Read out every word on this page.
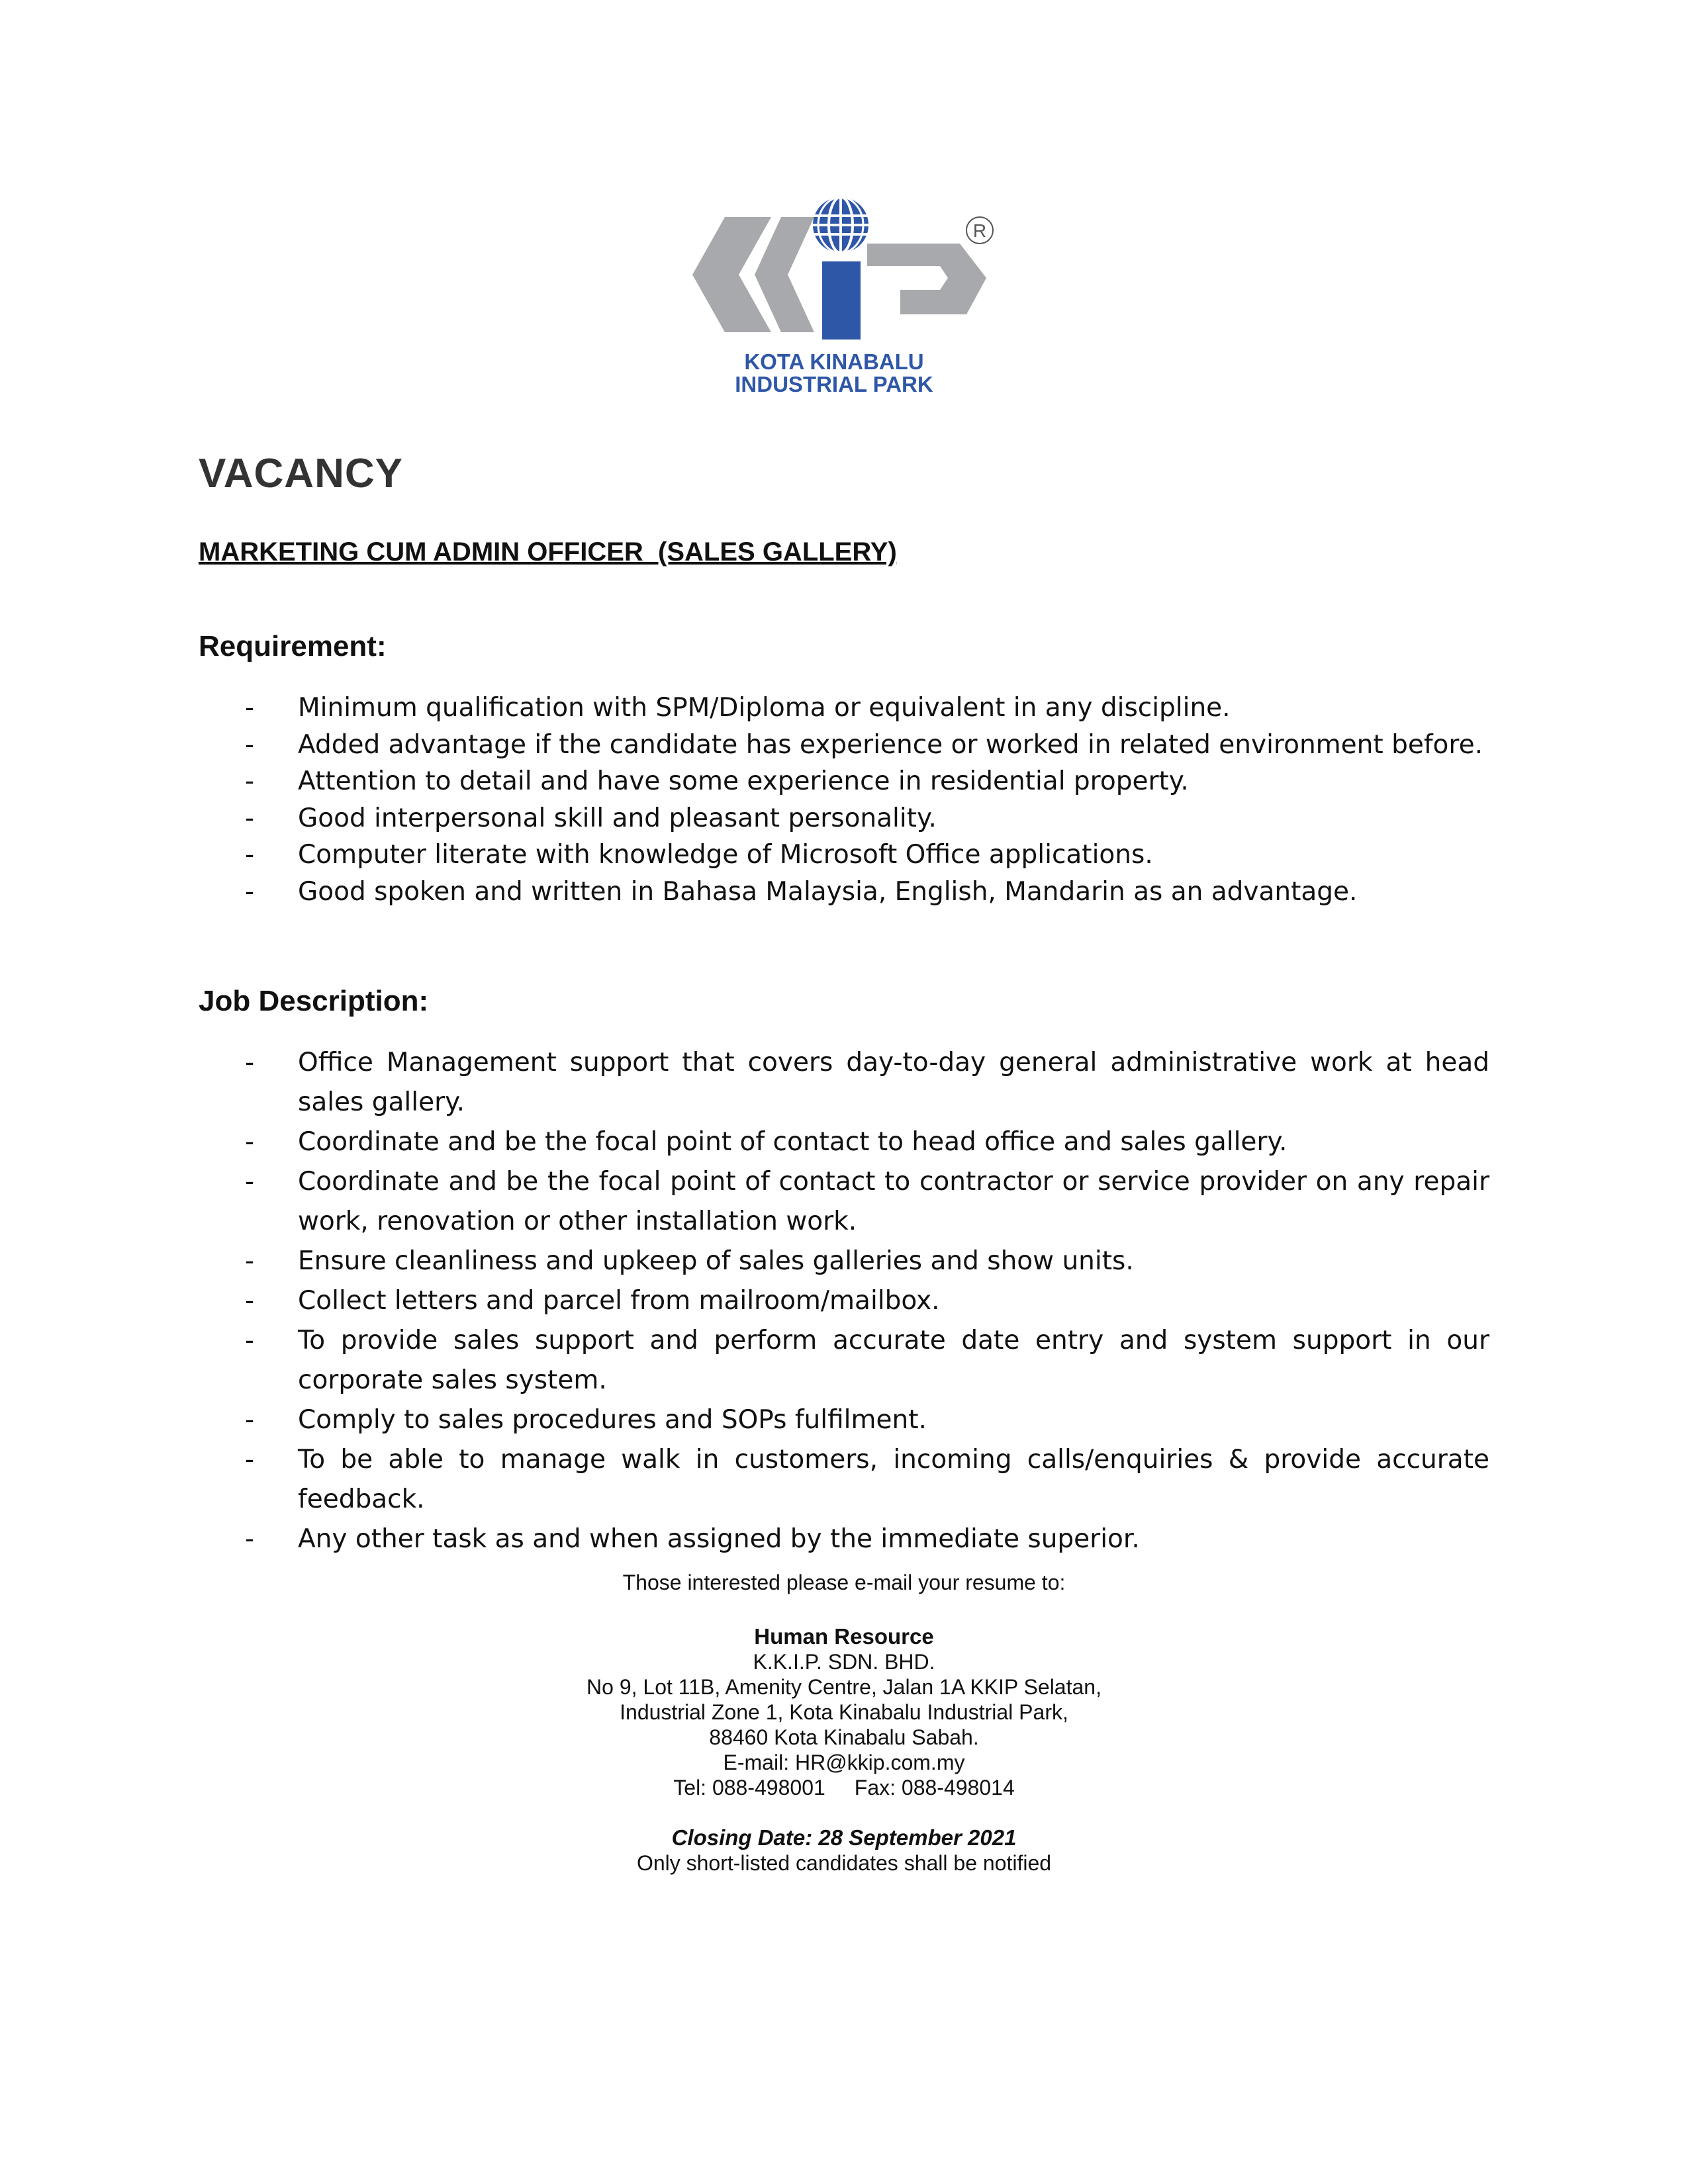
R
KOTA KINABALU
INDUSTRIAL PARK
VACANCY
MARKETING CUM ADMIN OFFICER  (SALES GALLERY)
Requirement:
- Minimum qualification with SPM/Diploma or equivalent in any discipline.
- Added advantage if the candidate has experience or worked in related environment before.
- Attention to detail and have some experience in residential property.
- Good interpersonal skill and pleasant personality.
- Computer literate with knowledge of Microsoft Office applications.
- Good spoken and written in Bahasa Malaysia, English, Mandarin as an advantage.
Job Description:
- Office Management support that covers day-to-day general administrative work at head sales gallery.
- Coordinate and be the focal point of contact to head office and sales gallery.
- Coordinate and be the focal point of contact to contractor or service provider on any repair work, renovation or other installation work.
- Ensure cleanliness and upkeep of sales galleries and show units.
- Collect letters and parcel from mailroom/mailbox.
- To provide sales support and perform accurate date entry and system support in our corporate sales system.
- Comply to sales procedures and SOPs fulfilment.
- To be able to manage walk in customers, incoming calls/enquiries & provide accurate feedback.
- Any other task as and when assigned by the immediate superior.
Those interested please e-mail your resume to:
Human Resource
K.K.I.P. SDN. BHD.
No 9, Lot 11B, Amenity Centre, Jalan 1A KKIP Selatan,
Industrial Zone 1, Kota Kinabalu Industrial Park,
88460 Kota Kinabalu Sabah.
E-mail: HR@kkip.com.my
Tel: 088-498001 Fax: 088-498014
Closing Date: 28 September 2021
Only short-listed candidates shall be notified
